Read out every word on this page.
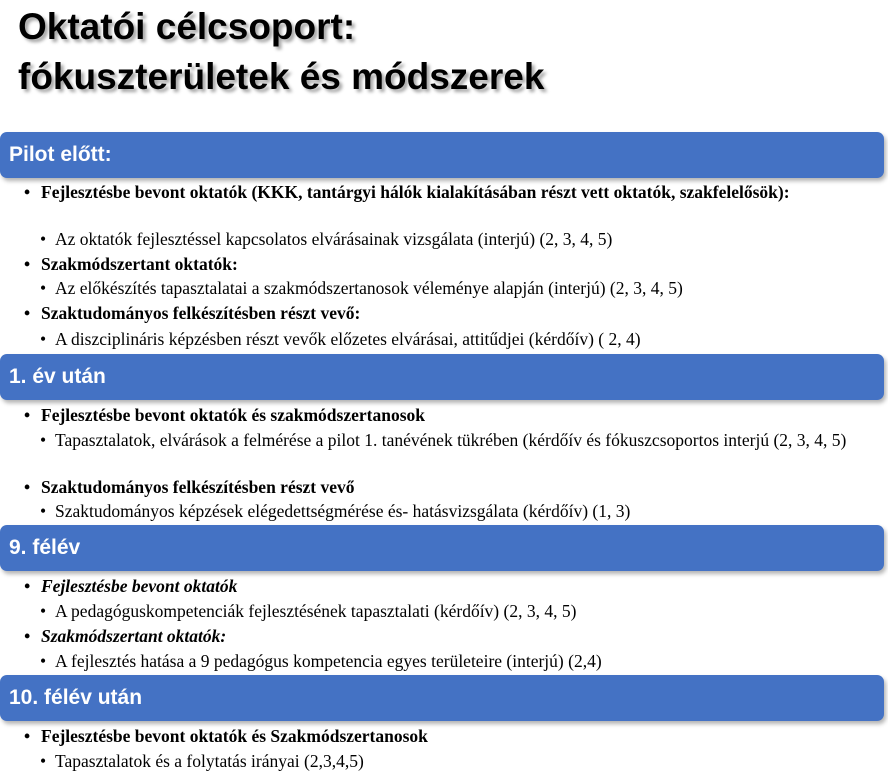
Oktatói célcsoport:
fókuszterületek és módszerek
Pilot előtt:
• Fejlesztésbe bevont oktatók (KKK, tantárgyi hálók kialakításában részt vett oktatók, szakfelelősök):
• Az oktatók fejlesztéssel kapcsolatos elvárásainak vizsgálata (interjú) (2, 3, 4, 5)
• Szakmódszertant oktatók:
• Az előkészítés tapasztalatai a szakmódszertanosok véleménye alapján (interjú) (2, 3, 4, 5)
• Szaktudományos felkészítésben részt vevő:
• A diszciplináris képzésben részt vevők előzetes elvárásai, attitűdjei (kérdőív) ( 2, 4)
1. év után
• Fejlesztésbe bevont oktatók és szakmódszertanosok
• Tapasztalatok, elvárások a felmérése a pilot 1. tanévének tükrében (kérdőív és fókuszcsoportos interjú (2, 3, 4, 5)
• Szaktudományos felkészítésben részt vevő
• Szaktudományos képzések elégedettségmérése és- hatásvizsgálata (kérdőív) (1, 3)
9. félév
• Fejlesztésbe bevont oktatók
• A pedagóguskompetenciák fejlesztésének tapasztalati (kérdőív) (2, 3, 4, 5)
• Szakmódszertant oktatók:
• A fejlesztés hatása a 9 pedagógus kompetencia egyes területeire (interjú) (2,4)
10. félév után
• Fejlesztésbe bevont oktatók és Szakmódszertanosok
• Tapasztalatok és a folytatás irányai (2,3,4,5)
